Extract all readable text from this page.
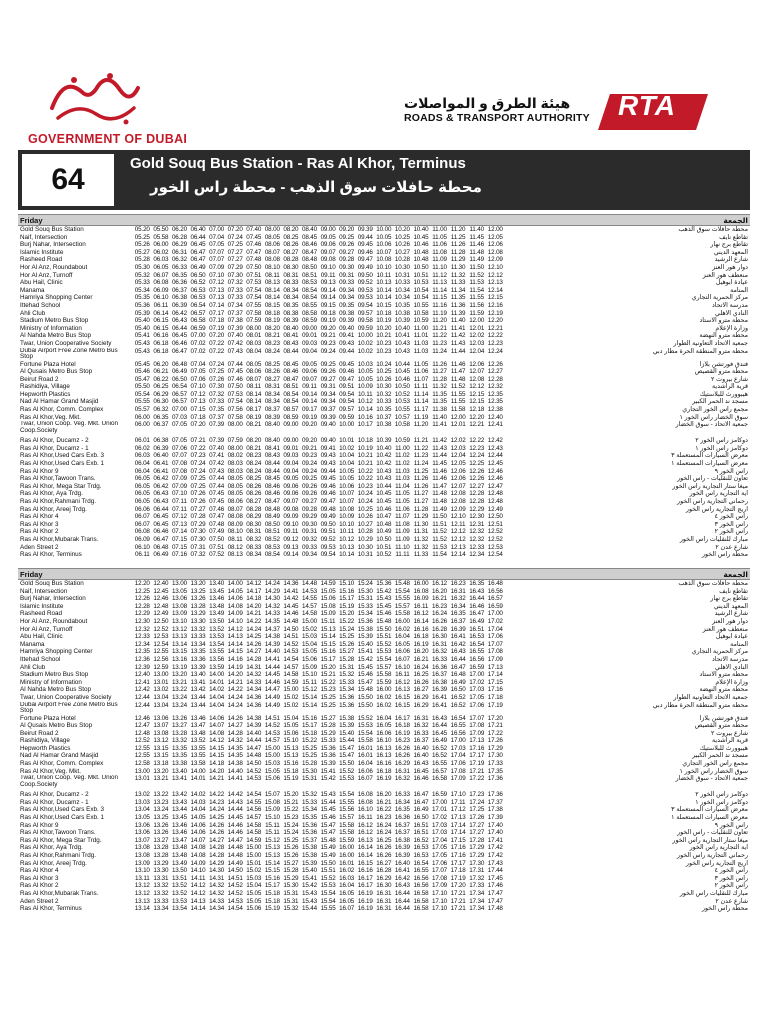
GOVERNMENT OF DUBAI
هيئة الطرق و المواصلات
ROADS & TRANSPORT AUTHORITY RTA
64	Gold Souq Bus Station - Ras Al Khor, Terminus
محطة حافلات سوق الذهب - محطة راس الخور
Friday	الجمعة
Gold Souq Bus Station	05.20 05.50 06.20 06.40 07.00 07.20 07.40 08.00 08.20 08.40 09.00 09.20 09.39 10.00 10.20 10.40 11.00 11.20 11.40 12.00	محطة حافلات سوق الذهب
Naif, Intersection	05.25 05.58 06.28 06.44 07.04 07.24 07.45 08.05 08.25 08.45 09.05 09.25 09.44 10.05 10.25 10.45 11.05 11.25 11.45 12.05	تقاطع نايف
Burj Nahar, Intersection	05.26 06.00 06.29 06.45 07.05 07.25 07.46 08.06 08.26 08.46 09.06 09.26 09.45 10.06 10.26 10.46 11.06 11.26 11.46 12.06	تقاطع برج نهار
Islamic Institute	05.27 06.02 06.31 06.47 07.07 07.27 07.47 08.07 08.27 08.47 09.07 09.27 09.46 10.07 10.27 10.48 11.08 11.28 11.48 12.08	المعهد الديني
Rasheed Road	05.28 06.03 06.32 06.47 07.07 07.27 07.48 08.08 08.28 08.48 09.08 09.28 09.47 10.08 10.28 10.48 11.09 11.29 11.49 12.09	شارع الرشيد
Hor Al Anz, Roundabout	05.30 06.05 06.33 06.49 07.09 07.29 07.50 08.10 08.30 08.50 09.10 09.30 09.49 10.10 10.30 10.50 11.10 11.30 11.50 12.10	دوار هور العنز
Hor Al Anz, Turnoff	05.32 06.07 06.35 06.50 07.10 07.30 07.51 08.11 08.31 08.51 09.11 09.31 09.50 10.11 10.31 10.51 11.12 11.32 11.52 12.12	منعطف هور العنز
Abu Hail, Clinic	05.33 06.08 06.36 06.52 07.12 07.32 07.53 08.13 08.33 08.53 09.13 09.33 09.52 10.13 10.33 10.53 11.13 11.33 11.53 12.13	عيادة أبوهيل
Manama	05.34 06.09 06.37 06.53 07.13 07.33 07.54 08.14 08.34 08.54 09.14 09.34 09.53 10.14 10.34 10.54 11.14 11.34 11.54 12.14	المنامة
Hamriya Shopping Center	05.35 06.10 06.38 06.53 07.13 07.33 07.54 08.14 08.34 08.54 09.14 09.34 09.53 10.14 10.34 10.54 11.15 11.35 11.55 12.15	مركز الحمرية التجاري
Ittehad School	05.36 06.11 06.39 06.54 07.14 07.34 07.55 08.15 08.35 08.55 09.15 09.35 09.54 10.15 10.35 10.55 11.16 11.36 11.56 12.16	مدرسة الاتحاد
Ahli Club	05.39 06.14 06.42 06.57 07.17 07.37 07.58 08.18 08.38 08.58 09.18 09.38 09.57 10.18 10.38 10.58 11.19 11.39 11.59 12.19	النادي الأهلي
Stadium Metro Bus Stop	05.40 06.15 06.43 06.58 07.18 07.38 07.59 08.19 08.39 08.59 09.19 09.39 09.58 10.19 10.39 10.59 11.20 11.40 12.00 12.20	محطة مترو الاستاد
Ministry of Information	05.40 06.15 06.44 06.59 07.19 07.39 08.00 08.20 08.40 09.00 09.20 09.40 09.59 10.20 10.40 11.00 11.21 11.41 12.01 12.21	وزارة الإعلام
Al Nahda Metro Bus Stop	05.41 06.16 06.45 07.00 07.20 07.40 08.01 08.21 08.41 09.01 09.21 09.41 10.00 10.21 10.41 11.01 11.22 11.42 12.02 12.22	محطة مترو النهضة
Twar, Union Cooperative Society	05.43 06.18 06.46 07.02 07.22 07.42 08.03 08.23 08.43 09.03 09.23 09.43 10.02 10.23 10.43 11.03 11.23 11.43 12.03 12.23	جمعية الاتحاد التعاونية الطوار
Dubai Airport Free Zone Metro Bus Stop
05.43 06.18 06.47 07.02 07.22 07.43 08.04 08.24 08.44 09.04 09.24 09.44 10.02 10.23 10.43 11.03 11.24 11.44 12.04 12.24	محطة مترو المنطقة الحرة مطار دبي
Fortune Plaza Hotel	05.45 06.20 06.48 07.04 07.24 07.44 08.05 08.25 08.45 09.05 09.25 09.45 10.03 10.24 10.44 11.05 11.26 11.46 12.06 12.26	فندق فورتشن بلازا
Al Qusais Metro Bus Stop	05.46 06.21 06.49 07.05 07.25 07.45 08.06 08.26 08.46 09.06 09.26 09.46 10.05 10.25 10.45 11.06 11.27 11.47 12.07 12.27	محطة مترو القصيص
Beirut Road 2	05.47 06.22 06.50 07.06 07.26 07.46 08.07 08.27 08.47 09.07 09.27 09.47 10.05 10.26 10.46 11.07 11.28 11.48 12.08 12.28	شارع بيروت ٢
Rashidiya, Village	05.50 06.25 06.54 07.10 07.30 07.50 08.11 08.31 08.51 09.11 09.31 09.51 10.09 10.30 10.50 11.11 11.32 11.52 12.12 12.32	قرية الراشدية
Hepworth Plastics	05.54 06.29 06.57 07.12 07.32 07.53 08.14 08.34 08.54 09.14 09.34 09.54 10.11 10.32 10.52 11.14 11.35 11.55 12.15 12.35	هيبوورث للبلاستيك
Nad Al Hamar Grand Masjid	05.55 06.30 06.57 07.13 07.33 07.54 08.14 08.34 08.54 09.14 09.34 09.54 10.12 10.33 10.53 11.14 11.35 11.55 12.15 12.35	مسجد ند الحمر الكبير
Ras Al Khor, Comm. Complex	05.57 06.32 07.00 07.15 07.35 07.56 08.17 08.37 08.57 09.17 09.37 09.57 10.14 10.35 10.55 11.17 11.38 11.58 12.18 12.38	مجمع رأس الخور التجاري
Ras Al Khor,Veg. Mkt.	06.00 06.35 07.03 07.18 07.37 07.58 08.19 08.39 08.59 09.19 09.39 09.59 10.16 10.37 10.57 11.19 11.40 12.00 12.20 12.40	سوق الخضار راس الخور ١
Twar, Union Coop. Veg. Mkt. Union Coop.Society
06.00 06.37 07.05 07.20 07.39 08.00 08.21 08.40 09.00 09.20 09.40 10.00 10.17 10.38 10.58 11.20 11.41 12.01 12.21 12.41	جمعية الاتحاد - سوق الخضار
Ras Al Khor, Ducamz - 2	06.01 06.38 07.05 07.21 07.39 07.59 08.20 08.40 09.00 09.20 09.40 10.01 10.18 10.39 10.59 11.21 11.42 12.02 12.22 12.42	دوكامز راس الخور ٢
Ras Al Khor, Ducamz - 1	06.02 06.39 07.06 07.22 07.40 08.00 08.21 08.41 09.01 09.21 09.41 10.02 10.19 10.40 11.00 11.22 11.43 12.03 12.23 12.43	دوكامز راس الخور ١
Ras Al Khor,Used Cars Exb. 3	06.03 06.40 07.07 07.23 07.41 08.02 08.23 08.43 09.03 09.23 09.43 10.04 10.21 10.42 11.02 11.23 11.44 12.04 12.24 12.44	معرض السيارات المستعملة ٣
Ras Al Khor,Used Cars Exb. 1	06.04 06.41 07.08 07.24 07.42 08.03 08.24 08.44 09.04 09.24 09.43 10.04 10.21 10.42 11.02 11.24 11.45 12.05 12.25 12.45	معرض السيارات المستعملة ١
Ras Al Khor 9	06.04 06.41 07.08 07.24 07.43 08.03 08.24 08.44 09.04 09.24 09.44 10.05 10.22 10.43 11.03 11.25 11.46 12.06 12.26 12.46	راس الخور ٩
Ras Al Khor,Tawoon Trans.	06.05 06.42 07.09 07.25 07.44 08.05 08.25 08.45 09.05 09.25 09.45 10.05 10.22 10.43 11.03 11.26 11.46 12.06 12.26 12.46	تعاون للنقليات - راس الخور
Ras Al Khor, Mega Star Trdg.	06.05 06.42 07.09 07.25 07.44 08.05 08.26 08.46 09.06 09.26 09.46 10.06 10.23 10.44 11.04 11.26 11.47 12.07 12.27 12.47	ميغا ستار التجارية راس الخور
Ras Al Khor, Aya Trdg.	06.05 06.43 07.10 07.26 07.45 08.05 08.26 08.46 09.06 09.26 09.46 10.07 10.24 10.45 11.05 11.27 11.48 12.08 12.28 12.48	آية التجارية راس الخور
Ras Al Khor,Rahmani Trdg.	06.05 06.43 07.11 07.26 07.45 08.06 08.27 08.47 09.07 09.27 09.47 10.07 10.24 10.45 11.05 11.27 11.48 12.08 12.28 12.48	رحماني التجارية راس الخور
Ras Al Khor, Areej Trdg.	06.06 06.44 07.11 07.27 07.46 08.07 08.28 08.48 09.08 09.28 09.48 10.08 10.25 10.46 11.06 11.28 11.49 12.09 12.29 12.49	أريج التجارية راس الخور
Ras Al Khor 4	06.07 06.45 07.12 07.28 07.47 08.08 08.29 08.49 09.09 09.29 09.49 10.09 10.26 10.47 11.07 11.29 11.50 12.10 12.30 12.50	راس الخور ٤
Ras Al Khor 3	06.07 06.45 07.13 07.29 07.48 08.09 08.30 08.50 09.10 09.30 09.50 10.10 10.27 10.48 11.08 11.30 11.51 12.11 12.31 12.51	راس الخور ٣
Ras Al Khor 2	06.08 06.46 07.14 07.30 07.49 08.10 08.31 08.51 09.11 09.31 09.51 10.11 10.28 10.49 11.09 11.31 11.52 12.12 12.32 12.52	راس الخور ٢
Ras Al Khor,Mubarak Trans.	06.09 06.47 07.15 07.30 07.50 08.11 08.32 08.52 09.12 09.32 09.52 10.12 10.29 10.50 11.09 11.32 11.52 12.12 12.32 12.52	مبارك للنقليات راس الخور
Aden Street 2	06.10 06.48 07.15 07.31 07.51 08.12 08.33 08.53 09.13 09.33 09.53 10.13 10.30 10.51 11.10 11.32 11.53 12.13 12.33 12.53	شارع عدن ٢
Ras Al Khor, Terminus	06.11 06.49 07.16 07.32 07.52 08.13 08.34 08.54 09.14 09.34 09.54 10.14 10.31 10.52 11.11 11.33 11.54 12.14 12.34 12.54	محطة راس الخور
Friday	الجمعة
Gold Souq Bus Station	12.20 12.40 13.00 13.20 13.40 14.00 14.12 14.24 14.36 14.48 14.59 15.10 15.24 15.36 15.48 16.00 16.12 16.23 16.35 16.48	محطة حافلات سوق الذهب
Naif, Intersection	12.25 12.45 13.05 13.25 13.45 14.05 14.17 14.29 14.41 14.53 15.05 15.16 15.30 15.42 15.54 16.08 16.20 16.31 16.43 16.56	تقاطع نايف
Burj Nahar, Intersection	12.26 12.46 13.06 13.26 13.46 14.06 14.18 14.30 14.42 14.55 15.06 15.17 15.31 15.43 15.55 16.09 16.21 16.32 16.44 16.57	تقاطع برج نهار
Islamic Institute	12.28 12.48 13.08 13.28 13.48 14.08 14.20 14.32 14.45 14.57 15.08 15.19 15.33 15.45 15.57 16.11 16.23 16.34 16.46 16.59	المعهد الديني
Rasheed Road	12.29 12.49 13.09 13.29 13.49 14.09 14.21 14.33 14.46 14.58 15.09 15.20 15.34 15.46 15.58 16.12 16.24 16.35 16.47 17.00	شارع الرشيد
Hor Al Anz, Roundabout	12.30 12.50 13.10 13.30 13.50 14.10 14.22 14.35 14.48 15.00 15.11 15.22 15.36 15.48 16.00 16.14 16.26 16.37 16.49 17.02	دوار هور العنز
Hor Al Anz, Turnoff	12.32 12.52 13.12 13.32 13.52 14.12 14.24 14.37 14.50 15.02 15.13 15.24 15.38 15.50 16.02 16.16 16.28 16.39 16.51 17.04	منعطف هور العنز
Abu Hail, Clinic	12.33 12.53 13.13 13.33 13.53 14.13 14.25 14.38 14.51 15.03 15.14 15.25 15.39 15.51 16.04 16.18 16.30 16.41 16.53 17.06	عيادة أبوهيل
Manama	12.34 12.54 13.14 13.34 13.54 14.14 14.26 14.39 14.52 15.04 15.15 15.26 15.40 15.52 16.05 16.19 16.31 16.42 16.54 17.07	المنامة
Hamriya Shopping Center	12.35 12.55 13.15 13.35 13.55 14.15 14.27 14.40 14.53 15.05 15.16 15.27 15.41 15.53 16.06 16.20 16.32 16.43 16.55 17.08	مركز الحمرية التجاري
Ittehad School	12.36 12.56 13.16 13.36 13.56 14.16 14.28 14.41 14.54 15.06 15.17 15.28 15.42 15.54 16.07 16.21 16.33 16.44 16.56 17.09	مدرسة الاتحاد
Ahli Club	12.39 12.59 13.19 13.39 13.59 14.19 14.31 14.44 14.57 15.09 15.20 15.31 15.45 15.57 16.10 16.24 16.36 16.47 16.59 17.13	النادي الأهلي
Stadium Metro Bus Stop	12.40 13.00 13.20 13.40 14.00 14.20 14.32 14.45 14.58 15.10 15.21 15.32 15.46 15.58 16.11 16.25 16.37 16.48 17.00 17.14	محطة مترو الاستاد
Ministry of Information	12.41 13.01 13.21 13.41 14.01 14.21 14.33 14.46 14.59 15.11 15.22 15.33 15.47 15.59 16.12 16.26 16.38 16.49 17.02 17.15	وزارة الإعلام
Al Nahda Metro Bus Stop	12.42 13.02 13.22 13.42 14.02 14.22 14.34 14.47 15.00 15.12 15.23 15.34 15.48 16.00 16.13 16.27 16.39 16.50 17.03 17.16	محطة مترو النهضة
Twar, Union Cooperative Society	12.44 13.04 13.24 13.44 14.04 14.24 14.36 14.49 15.02 15.14 15.25 15.36 15.50 16.02 16.15 16.29 16.41 16.52 17.05 17.18	جمعية الاتحاد التعاونية الطوار
Dubai Airport Free Zone Metro Bus Stop
12.44 13.04 13.24 13.44 14.04 14.24 14.36 14.49 15.02 15.14 15.25 15.36 15.50 16.02 16.15 16.29 16.41 16.52 17.06 17.19	محطة مترو المنطقة الحرة مطار دبي
Fortune Plaza Hotel	12.46 13.06 13.26 13.46 14.06 14.26 14.38 14.51 15.04 15.16 15.27 15.38 15.52 16.04 16.17 16.31 16.43 16.54 17.07 17.20	فندق فورتشن بلازا
Al Qusais Metro Bus Stop	12.47 13.07 13.27 13.47 14.07 14.27 14.39 14.52 15.05 15.17 15.28 15.39 15.53 16.05 16.18 16.32 16.44 16.55 17.08 17.21	محطة مترو القصيص
Beirut Road 2	12.48 13.08 13.28 13.48 14.08 14.28 14.40 14.53 15.06 15.18 15.29 15.40 15.54 16.06 16.19 16.33 16.45 16.56 17.09 17.22	شارع بيروت ٢
Rashidiya, Village	12.52 13.12 13.32 13.52 14.12 14.32 14.44 14.57 15.10 15.22 15.33 15.44 15.58 16.10 16.23 16.37 16.49 17.00 17.13 17.26	قرية الراشدية
Hepworth Plastics	12.55 13.15 13.35 13.55 14.15 14.35 14.47 15.00 15.13 15.25 15.36 15.47 16.01 16.13 16.26 16.40 16.52 17.03 17.16 17.29	هيبوورث للبلاستيك
Nad Al Hamar Grand Masjid	12.55 13.15 13.35 13.55 14.15 14.35 14.48 15.00 15.13 15.25 15.36 15.47 16.01 16.13 16.26 16.40 16.52 17.04 17.17 17.30	مسجد ند الحمر الكبير
Ras Al Khor, Comm. Complex	12.58 13.18 13.38 13.58 14.18 14.38 14.50 15.03 15.16 15.28 15.39 15.50 16.04 16.16 16.29 16.43 16.55 17.06 17.19 17.33	مجمع رأس الخور التجاري
Ras Al Khor,Veg. Mkt.	13.00 13.20 13.40 14.00 14.20 14.40 14.52 15.05 15.18 15.30 15.41 15.52 16.06 16.18 16.31 16.45 16.57 17.08 17.21 17.35	سوق الخضار راس الخور ١
Twar, Union Coop. Veg. Mkt. Union Coop.Society
13.01 13.21 13.41 14.01 14.21 14.41 14.53 15.06 15.19 15.31 15.42 15.53 16.07 16.19 16.32 16.46 16.58 17.09 17.22 17.36	جمعية الاتحاد - سوق الخضار
Ras Al Khor, Ducamz - 2	13.02 13.22 13.42 14.02 14.22 14.42 14.54 15.07 15.20 15.32 15.43 15.54 16.08 16.20 16.33 16.47 16.59 17.10 17.23 17.36	دوكامز راس الخور ٢
Ras Al Khor, Ducamz - 1	13.03 13.23 13.43 14.03 14.23 14.43 14.55 15.08 15.21 15.33 15.44 15.55 16.08 16.21 16.34 16.47 17.00 17.11 17.24 17.37	دوكامز راس الخور ١
Ras Al Khor,Used Cars Exb. 3	13.04 13.24 13.44 14.04 14.24 14.44 14.56 15.09 15.22 15.34 15.45 15.56 16.10 16.22 16.35 16.49 17.01 17.12 17.25 17.38	معرض السيارات المستعملة ٣
Ras Al Khor,Used Cars Exb. 1	13.05 13.25 13.45 14.05 14.25 14.45 14.57 15.10 15.23 15.35 15.46 15.57 16.11 16.23 16.36 16.50 17.02 17.13 17.26 17.39	معرض السيارات المستعملة ١
Ras Al Khor 9	13.06 13.26 13.46 14.06 14.26 14.46 14.58 15.11 15.24 15.36 15.47 15.58 16.12 16.24 16.37 16.51 17.03 17.14 17.27 17.40	راس الخور ٩
Ras Al Khor,Tawoon Trans.	13.06 13.26 13.46 14.06 14.26 14.46 14.58 15.11 15.24 15.36 15.47 15.58 16.12 16.24 16.37 16.51 17.03 17.14 17.27 17.40	تعاون للنقليات - راس الخور
Ras Al Khor, Mega Star Trdg.	13.07 13.27 13.47 14.07 14.27 14.47 14.59 15.12 15.25 15.37 15.48 15.59 16.13 16.25 16.38 16.52 17.04 17.15 17.28 17.41	ميغا ستار التجارية راس الخور
Ras Al Khor, Aya Trdg.	13.08 13.28 13.48 14.08 14.28 14.48 15.00 15.13 15.26 15.38 15.49 16.00 16.14 16.26 16.39 16.53 17.05 17.16 17.29 17.42	آية التجارية راس الخور
Ras Al Khor,Rahmani Trdg.	13.08 13.28 13.48 14.08 14.28 14.48 15.00 15.13 15.26 15.38 15.49 16.00 16.14 16.26 16.39 16.53 17.05 17.16 17.29 17.42	رحماني التجارية راس الخور
Ras Al Khor, Areej Trdg.	13.09 13.29 13.49 14.09 14.29 14.49 15.01 15.14 15.27 15.39 15.50 16.01 16.15 16.27 16.40 16.54 17.06 17.17 17.30 17.43	أريج التجارية راس الخور
Ras Al Khor 4	13.10 13.30 13.50 14.10 14.30 14.50 15.02 15.15 15.28 15.40 15.51 16.02 16.16 16.28 16.41 16.55 17.07 17.18 17.31 17.44	راس الخور ٤
Ras Al Khor 3	13.11 13.31 13.51 14.11 14.31 14.51 15.03 15.16 15.29 15.41 15.52 16.03 16.17 16.29 16.42 16.56 17.08 17.19 17.32 17.45	راس الخور ٣
Ras Al Khor 2	13.12 13.32 13.52 14.12 14.32 14.52 15.04 15.17 15.30 15.42 15.53 16.04 16.17 16.30 16.43 16.56 17.09 17.20 17.33 17.46	راس الخور ٢
Ras Al Khor,Mubarak Trans.	13.12 13.32 13.52 14.12 14.32 14.52 15.05 15.18 15.31 15.43 15.54 16.05 16.19 16.31 16.44 16.58 17.10 17.21 17.34 17.47	مبارك للنقليات راس الخور
Aden Street 2	13.13 13.33 13.53 14.13 14.33 14.53 15.05 15.18 15.31 15.43 15.54 16.05 16.19 16.31 16.44 16.58 17.10 17.21 17.34 17.47	شارع عدن ٢
Ras Al Khor, Terminus	13.14 13.34 13.54 14.14 14.34 14.54 15.06 15.19 15.32 15.44 15.55 16.07 16.19 16.31 16.44 16.58 17.10 17.21 17.34 17.48	محطة راس الخور
